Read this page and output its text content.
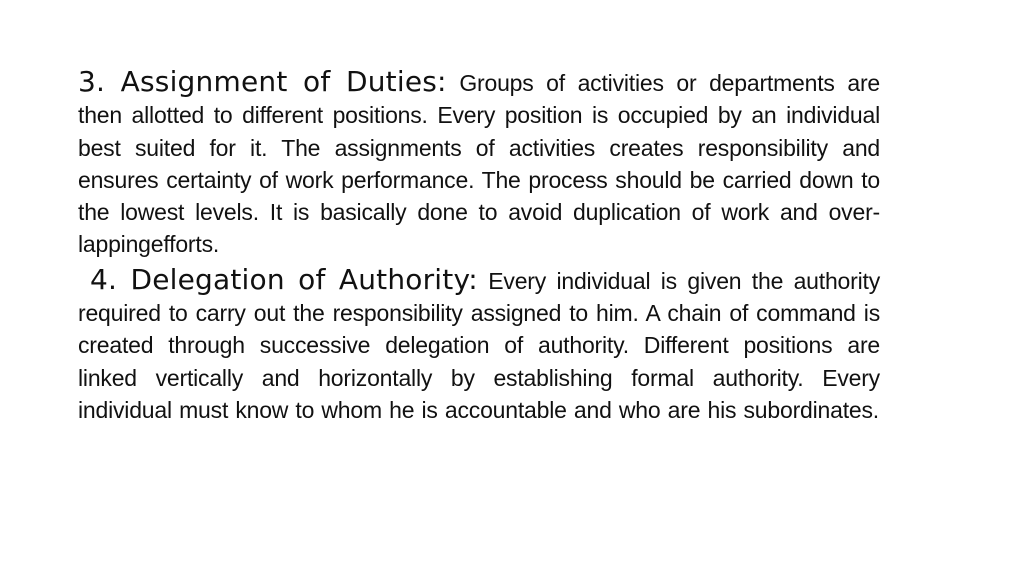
3. Assignment of Duties: Groups of activities or departments are then allotted to different positions. Every position is occupied by an individual best suited for it. The assignments of activities creates responsibility and ensures certainty of work performance. The process should be carried down to the lowest levels. It is basically done to avoid duplication of work and over-lappingefforts.

4. Delegation of Authority: Every individual is given the authority required to carry out the responsibility assigned to him. A chain of command is created through successive delegation of authority. Different positions are linked vertically and horizontally by establishing formal authority. Every individual must know to whom he is accountable and who are his subordinates.
